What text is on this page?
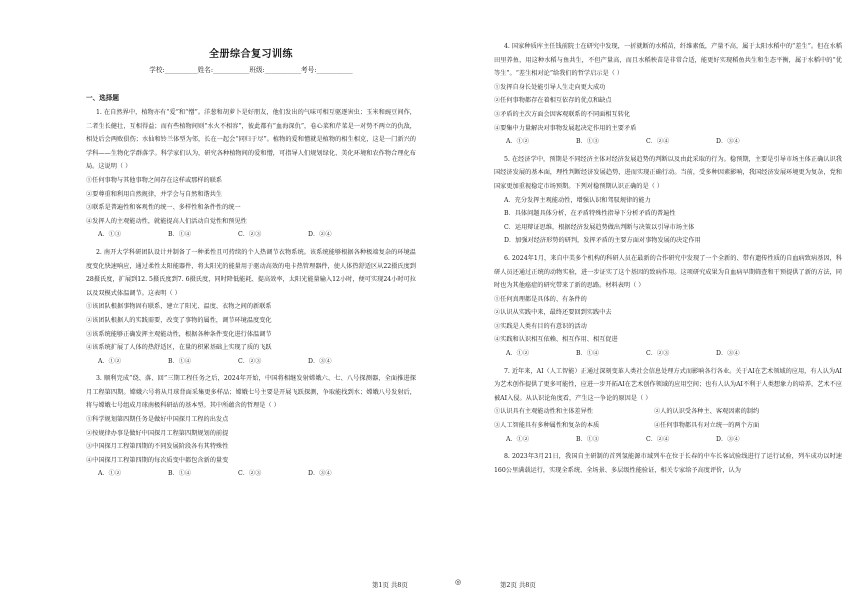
全册综合复习训练
学校:__________姓名:___________班级:___________考号:___________
一、选择题
1. 在自然界中，植物亦有“爱”和“憎”。洋葱和胡萝卜是好朋友，他们发出的气味可相互驱逐害虫；玉米和豌豆间作，二者生长健壮，互相得益；而有些植物间则“水火不相容”，彼此都有“血海深仇”，卷心菜和芹菜是一对势不两立的仇敌，相处后会两败俱伤；水仙和铃兰体型为邻，长在一起会“同归于尽”。植物的爱和憎就是植物的相生相克，这是一门新兴的学科——生物化学群落学。科学家们认为，研究各种植物间的爱和憎，可指导人们规划绿化、美化环境和农作物合理化布局。这说明（ ）
①任何事物与其他事物之间存在这样或那样的联系
②要尊重和利用自然规律，并学会与自然和谐共生
③联系是普遍性和客观性的统一、多样性和条件性的统一
④发挥人的主观能动性，就能提高人们活动自觉性和预见性
A．①③	B．①④	C．②③	D．②④
2. 南开大学科研团队设计并制备了一种柔性且可持续的个人热调节衣物系统。该系统能够根据各种极端复杂的环境温度变化快速响应，通过柔性太阳能器件，将太阳光的能量用于驱动高效的电卡热管理器件，使人体热舒适区从22摄氏度到28摄氏度，扩展到12. 5摄氏度到7. 6摄氏度，同时降低能耗、提高效率，太阳光能量输入12小时，便可实现24小时可拉以及双模式体温调节。这表明（ ）
①该团队根据事物固有联系，建立了阳光、温度、衣物之间的新联系
②该团队根据人的实践需要，改变了事物的属性，调节环境温度变化
③该系统能够正确发挥主观能动性，根据各种条件变化进行体温调节
④该系统扩展了人体的热舒适区，在量的积累基础上实现了质的飞跃
A．①②	B．①④	C．②③	D．③④
3. 顺利完成“绕、落、回”三期工程任务之后，2024年开始，中国将相继发射嫦娥六、七、八号探测器，全面推进探月工程第四期。嫦娥六号将从月球背面采集更多样品；嫦娥七号主要是开展飞跃探测，争取能找到水；嫦娥八号发射后，将与嫦娥七号组成月球南极科研站的基本型。其中所蕴含的哲理是（ ）
①科学规划第四期任务是做好中国探月工程的出发点
②按规律办事是做好中国探月工程第四期规划的前提
③中国探月工程第四期的不同发展阶段各有其特殊性
④中国探月工程第四期的每次质变中都包含新的量变
A．①②	B．①④	C．②③	D．③④
4. 国家种质库主任钱前院士在研究中发现，一折就断的水稻苗，纤维素低，产量不高，属于太阳水稻中的“差生”。但在水稻田里养鱼，用这种水稻与鱼共生，不但产量高，而且水稻秧苗是非常合适，能更好实现稻鱼共生和生态平衡，属于水稻中的“优等生”。“差生相对论”给我们的哲学启示是（ ）
①发挥自身长处能引导人生走向更大成功
②任何事物都存在着相互依存的优点和缺点
③矛盾的主次方面会因客观联系的不同面相互转化
④要集中力量解决对事物发展起决定作用的主要矛盾
A．①②	B．①③	C．②④	D．③④
5. 在经济学中，预期是不同经济主体对经济发展趋势的判断以及由此采取的行为。稳预期，主要是引导市场主体正确认识我国经济发展的基本面，理性判断经济发展趋势，进而实现正确行动。当前，受多种因素影响，我国经济发展环境更为复杂，党和国家更加重视稳定市场预期。下列对稳预期认识正确的是（ ）
A．充分发挥主观能动性，增强认识和驾驭规律的能力
B．具体问题具体分析，在矛盾特殊性指导下分析矛盾的普遍性
C．运用辩证思维，根据经济发展趋势做出判断与决策以引导市场主体
D．加强对经济形势的研判，发挥矛盾的主要方面对事物发展的决定作用
6. 2024年1月，来自中美多个机构的科研人员在最新的合作研究中发现了一个全新的、带有遗传性质的自血病致病基因，科研人员还通过正统的动物实验，进一步证实了这个基因的致病作用。这项研究成果为自血病早期筛查和干预提供了新的方法，同时也为其他癌症的研究带来了新的思路。材料表明（ ）
①任何真理都是具体的、有条件的
②认识从实践中来，最终还要回到实践中去
③实践是人类有目的有意识的活动
④实践和认识相互依赖、相互作用、相互促进
A．①②	B．①④	C．②③	D．③④
7. 近年来，AI（人工智能）正通过深刻变革人类社会信息处理方式而影响各行各业。关于AI在艺术领域的应用，有人认为AI为艺术创作提供了更多可能性，应进一步开拓AI在艺术创作领域的应用空间；也有人认为AI不利于人类想象力的培养，艺术不应被AI入侵。从认识论角度看，产生这一争论的原因是（ ）
①认识具有主观能动性和主体差异性	②人的认识受各种主、客观因素的制约
③人工智能具有多种属性和复杂的本质	④任何事物都具有对立统一的两个方面
A．①②	B．①③	C．②④	D．③④
8. 2023年3月21日，我国自主研制的首列氢能源市域列车在位于长春的中车长客试验线进行了运行试验，列车成功以时速160公里满载运行，实现全系统、全场景、多层级性能验证，相关专家给予高度评价，认为
第1页 共8页	◎	第2页 共8页
